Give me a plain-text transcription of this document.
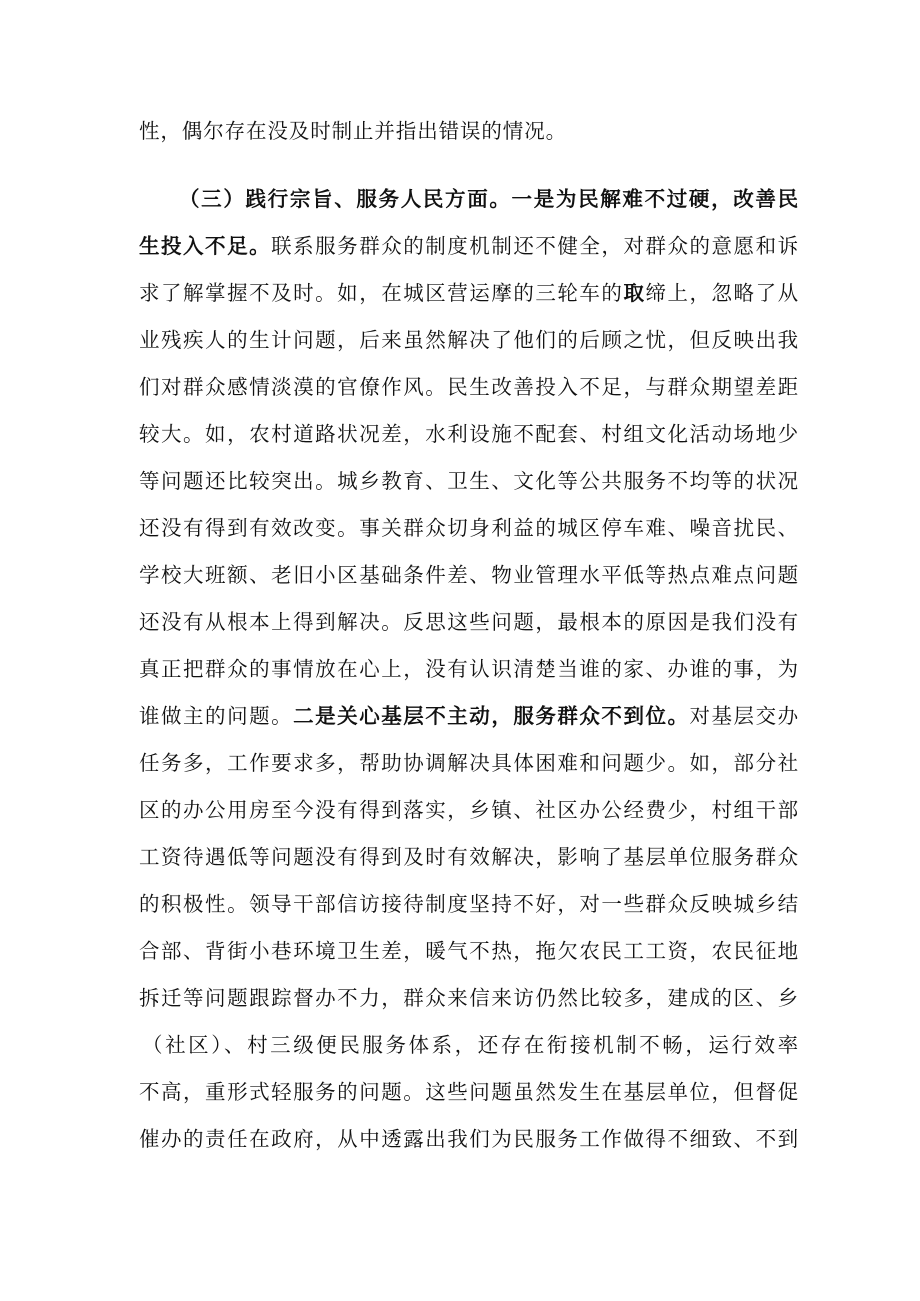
性，偶尔存在没及时制止并指出错误的情况。
（三）践行宗旨、服务人民方面。一是为民解难不过硬，改善民
生投入不足。联系服务群众的制度机制还不健全，对群众的意愿和诉
求了解掌握不及时。如，在城区营运摩的三轮车的取缔上，忽略了从
业残疾人的生计问题，后来虽然解决了他们的后顾之忧，但反映出我
们对群众感情淡漠的官僚作风。民生改善投入不足，与群众期望差距
较大。如，农村道路状况差，水利设施不配套、村组文化活动场地少
等问题还比较突出。城乡教育、卫生、文化等公共服务不均等的状况
还没有得到有效改变。事关群众切身利益的城区停车难、噪音扰民、
学校大班额、老旧小区基础条件差、物业管理水平低等热点难点问题
还没有从根本上得到解决。反思这些问题，最根本的原因是我们没有
真正把群众的事情放在心上，没有认识清楚当谁的家、办谁的事，为
谁做主的问题。二是关心基层不主动，服务群众不到位。对基层交办
任务多，工作要求多，帮助协调解决具体困难和问题少。如，部分社
区的办公用房至今没有得到落实，乡镇、社区办公经费少，村组干部
工资待遇低等问题没有得到及时有效解决，影响了基层单位服务群众
的积极性。领导干部信访接待制度坚持不好，对一些群众反映城乡结
合部、背街小巷环境卫生差，暖气不热，拖欠农民工工资，农民征地
拆迁等问题跟踪督办不力，群众来信来访仍然比较多，建成的区、乡
（社区）、村三级便民服务体系，还存在衔接机制不畅，运行效率
不高，重形式轻服务的问题。这些问题虽然发生在基层单位，但督促
催办的责任在政府，从中透露出我们为民服务工作做得不细致、不到
